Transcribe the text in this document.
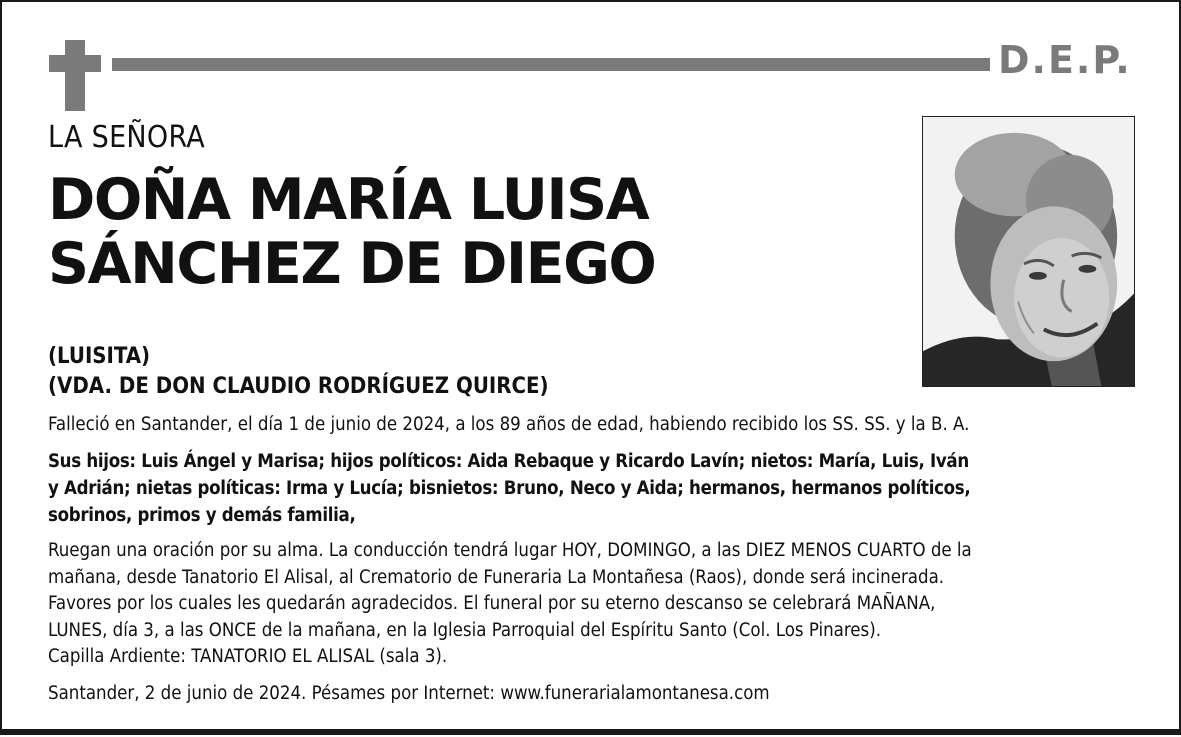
D.E.P.
LA SEÑORA
DOÑA MARÍA LUISA
SÁNCHEZ DE DIEGO
(LUISITA)
(VDA. DE DON CLAUDIO RODRÍGUEZ QUIRCE)
Falleció en Santander, el día 1 de junio de 2024, a los 89 años de edad, habiendo recibido los SS. SS. y la B. A.
Sus hijos: Luis Ángel y Marisa; hijos políticos: Aida Rebaque y Ricardo Lavín; nietos: María, Luis, Iván
y Adrián; nietas políticas: Irma y Lucía; bisnietos: Bruno, Neco y Aida; hermanos, hermanos políticos,
sobrinos, primos y demás familia,
Ruegan una oración por su alma. La conducción tendrá lugar HOY, DOMINGO, a las DIEZ MENOS CUARTO de la
mañana, desde Tanatorio El Alisal, al Crematorio de Funeraria La Montañesa (Raos), donde será incinerada.
Favores por los cuales les quedarán agradecidos. El funeral por su eterno descanso se celebrará MAÑANA,
LUNES, día 3, a las ONCE de la mañana, en la Iglesia Parroquial del Espíritu Santo (Col. Los Pinares).
Capilla Ardiente: TANATORIO EL ALISAL (sala 3).
Santander, 2 de junio de 2024. Pésames por Internet: www.funerarialamontanesa.com
